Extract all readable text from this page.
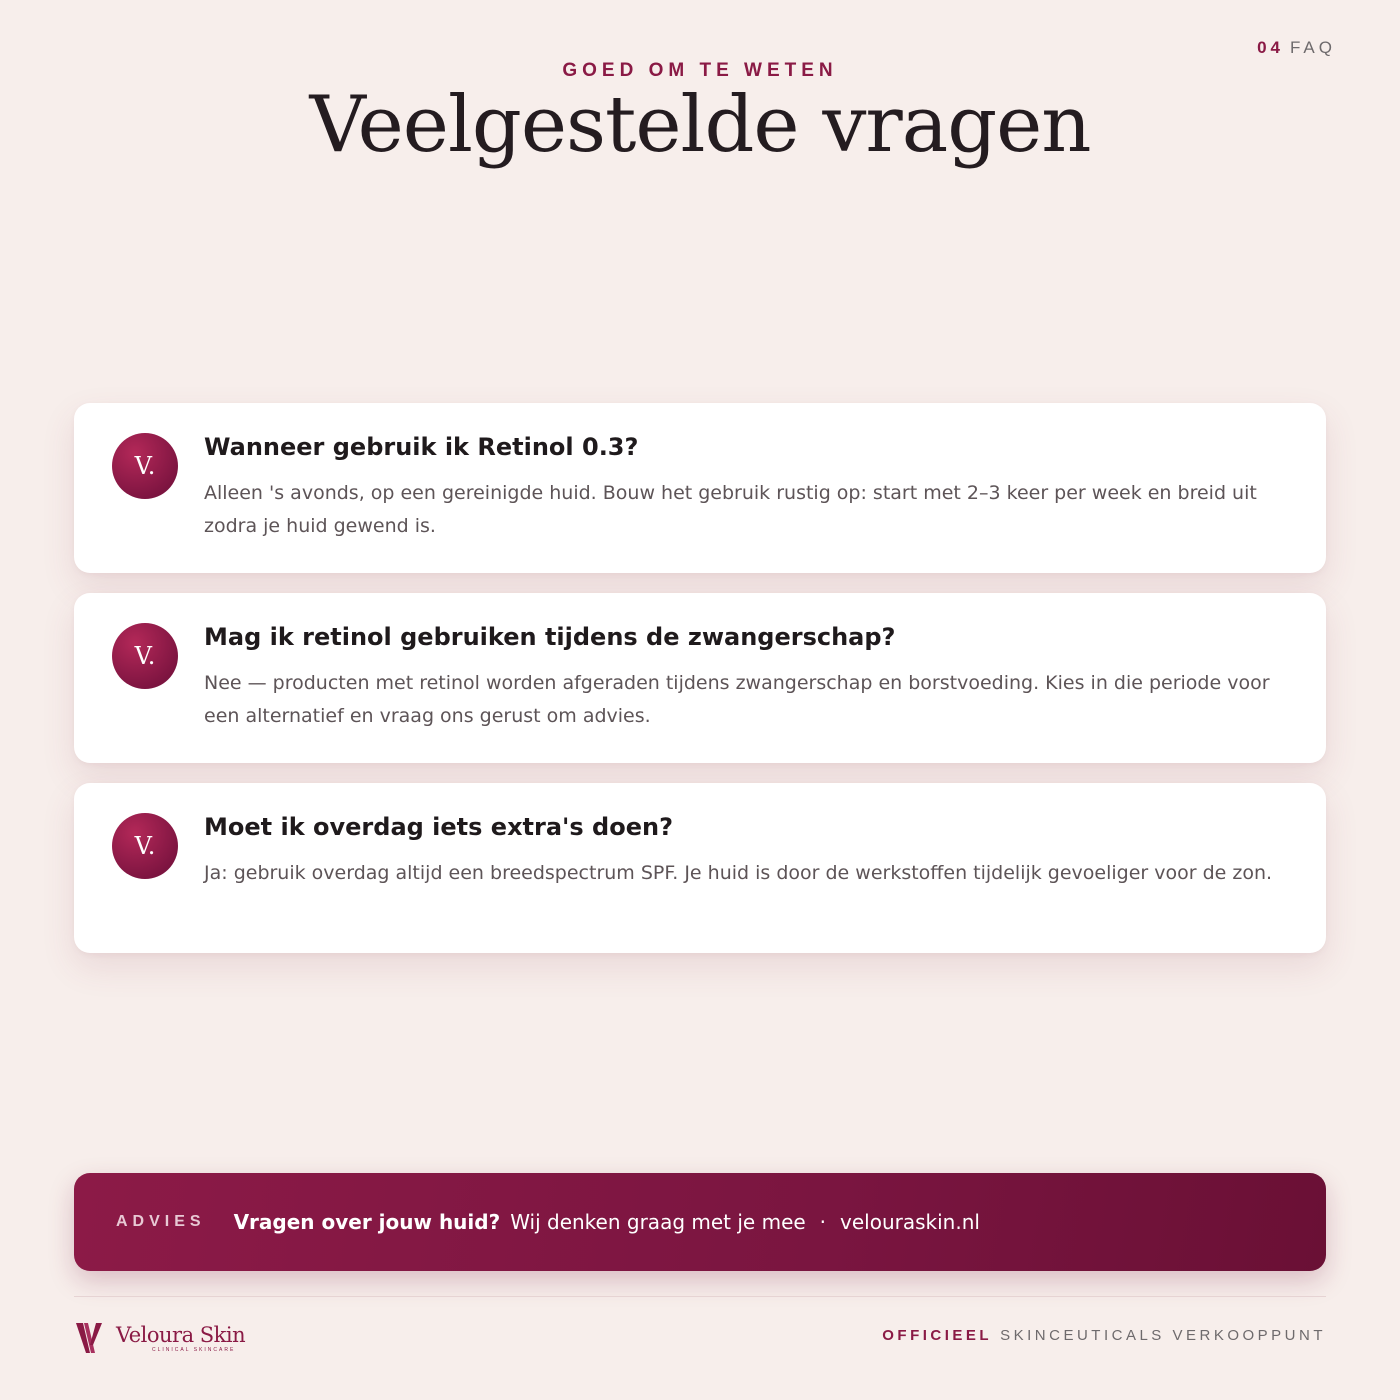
04 FAQ
GOED OM TE WETEN
Veelgestelde vragen
V.
Wanneer gebruik ik Retinol 0.3?
Alleen 's avonds, op een gereinigde huid. Bouw het gebruik rustig op: start met 2–3 keer per week en breid uit zodra je huid gewend is.
V.
Mag ik retinol gebruiken tijdens de zwangerschap?
Nee — producten met retinol worden afgeraden tijdens zwangerschap en borstvoeding. Kies in die periode voor een alternatief en vraag ons gerust om advies.
V.
Moet ik overdag iets extra's doen?
Ja: gebruik overdag altijd een breedspectrum SPF. Je huid is door de werkstoffen tijdelijk gevoeliger voor de zon.
ADVIES Vragen over jouw huid? Wij denken graag met je mee · velouraskin.nl
Veloura Skin
CLINICAL SKINCARE
OFFICIEEL SKINCEUTICALS VERKOOPPUNT
